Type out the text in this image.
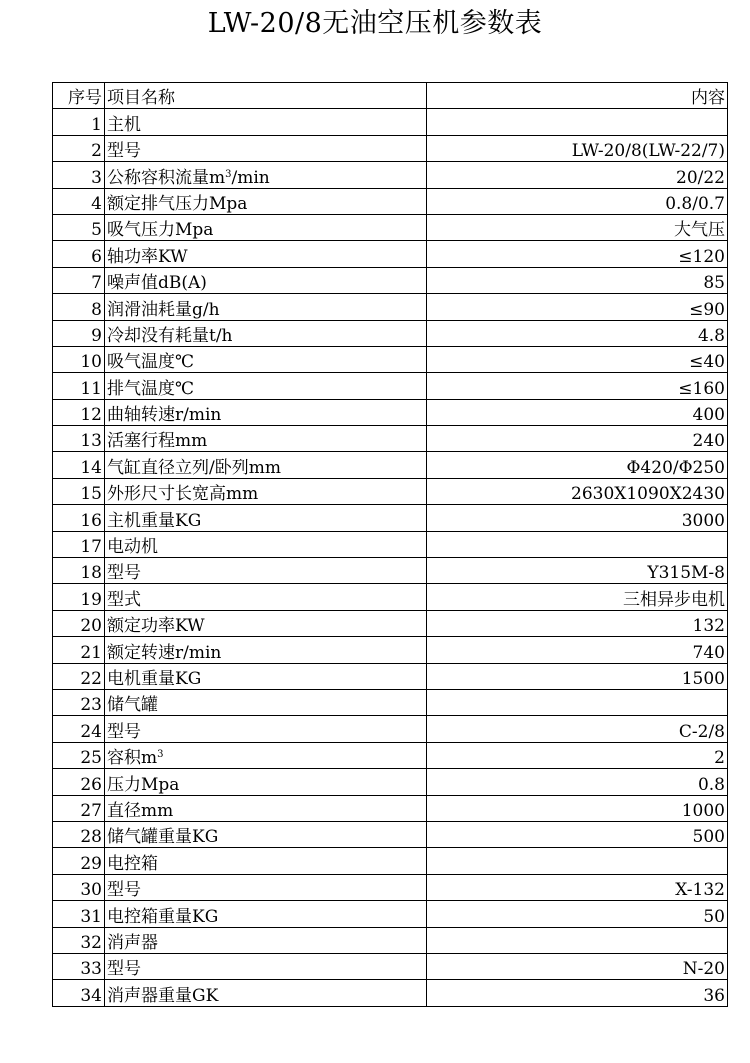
LW-20/8无油空压机参数表
序号	项目名称	内容
1	主机	
2	型号	LW-20/8(LW-22/7)
3	公称容积流量$m^3/\min$	20/22
4	额定排气压力Mpa	0.8/0.7
5	吸气压力Mpa	大气压
6	轴功率KW	≤120
7	噪声值dB(A)	85
8	润滑油耗量g/h	≤90
9	冷却没有耗量t/h	4.8
10	吸气温度℃	≤40
11	排气温度℃	≤160
12	曲轴转速r/min	400
13	活塞行程mm	240
14	气缸直径立列/卧列mm	Φ420/Φ250
15	外形尺寸长宽高mm	2630X1090X2430
16	主机重量KG	3000
17	电动机	
18	型号	Y315M-8
19	型式	三相异步电机
20	额定功率KW	132
21	额定转速r/min	740
22	电机重量KG	1500
23	储气罐	
24	型号	C-2/8
25	容积$m^3$	2
26	压力Mpa	0.8
27	直径mm	1000
28	储气罐重量KG	500
29	电控箱	
30	型号	X-132
31	电控箱重量KG	50
32	消声器	
33	型号	N-20
34	消声器重量GK	36
